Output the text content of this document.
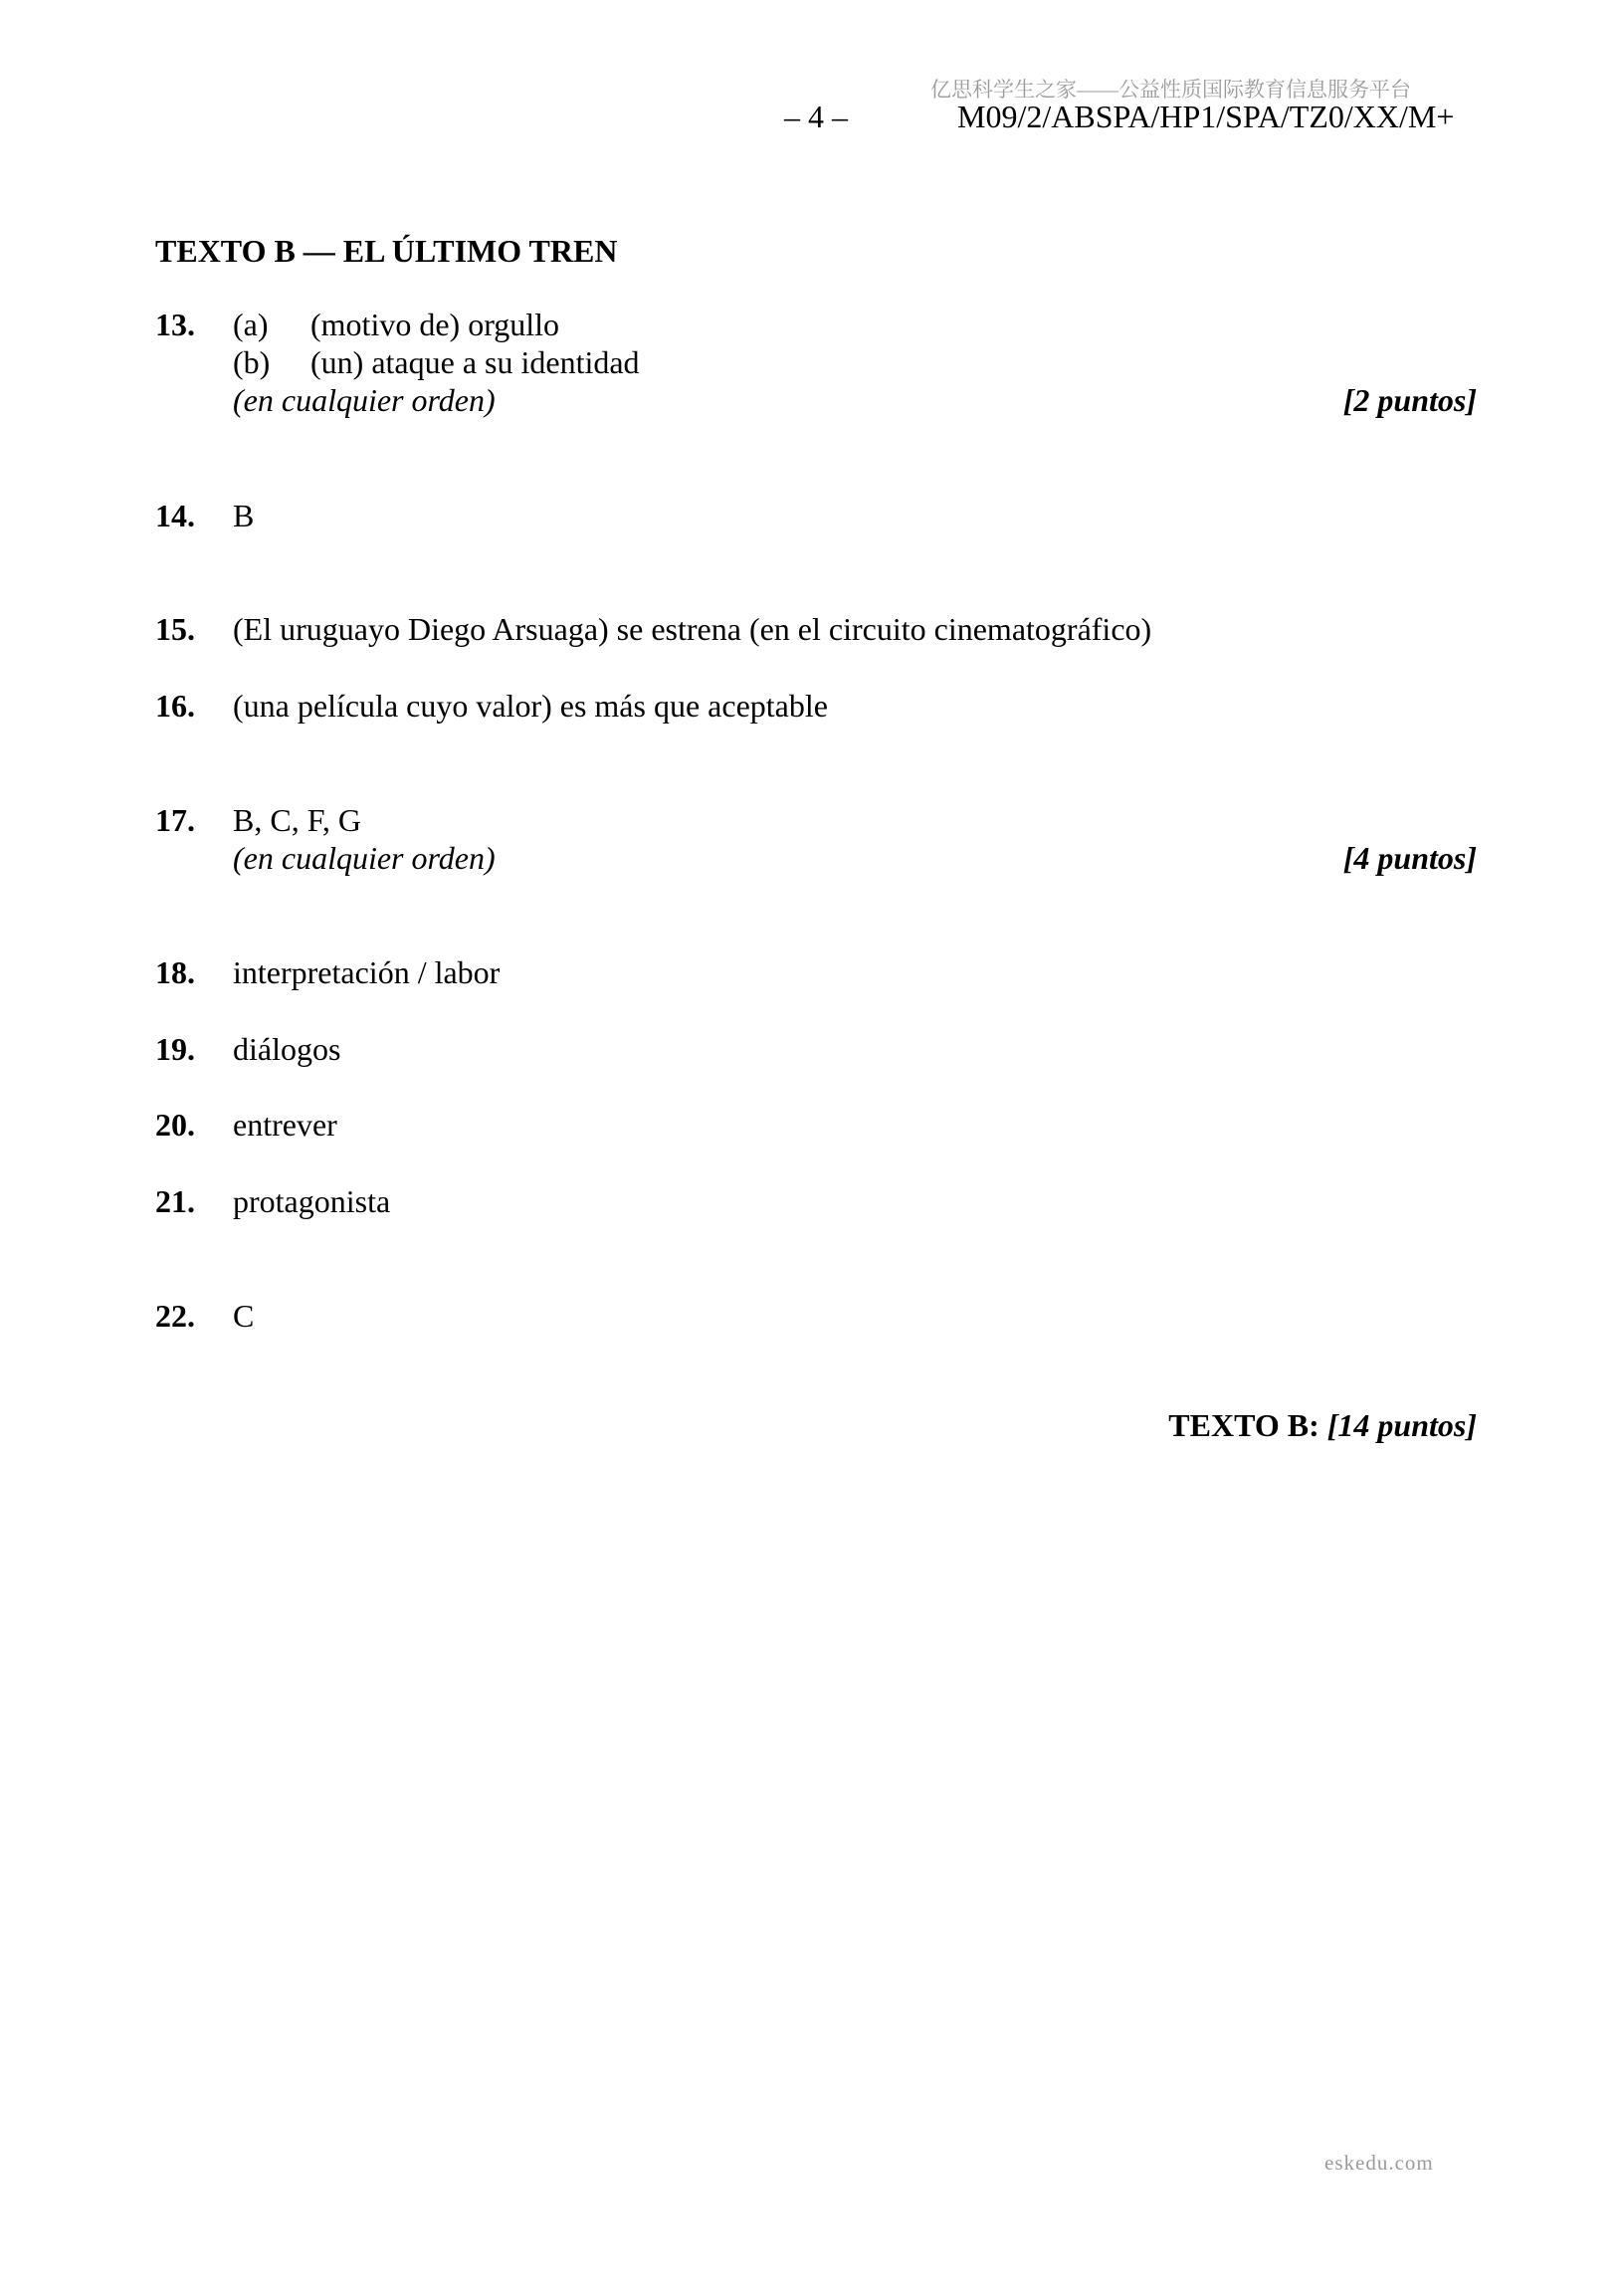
亿思科学生之家——公益性质国际教育信息服务平台
– 4 –	M09/2/ABSPA/HP1/SPA/TZ0/XX/M+
TEXTO B — EL ÚLTIMO TREN
13. (a) (motivo de) orgullo
(b) (un) ataque a su identidad
(en cualquier orden)	[2 puntos]
14. B
15. (El uruguayo Diego Arsuaga) se estrena (en el circuito cinematográfico)
16. (una película cuyo valor) es más que aceptable
17. B, C, F, G
(en cualquier orden)	[4 puntos]
18. interpretación / labor
19. diálogos
20. entrever
21. protagonista
22. C
TEXTO B: [14 puntos]
eskedu.com
